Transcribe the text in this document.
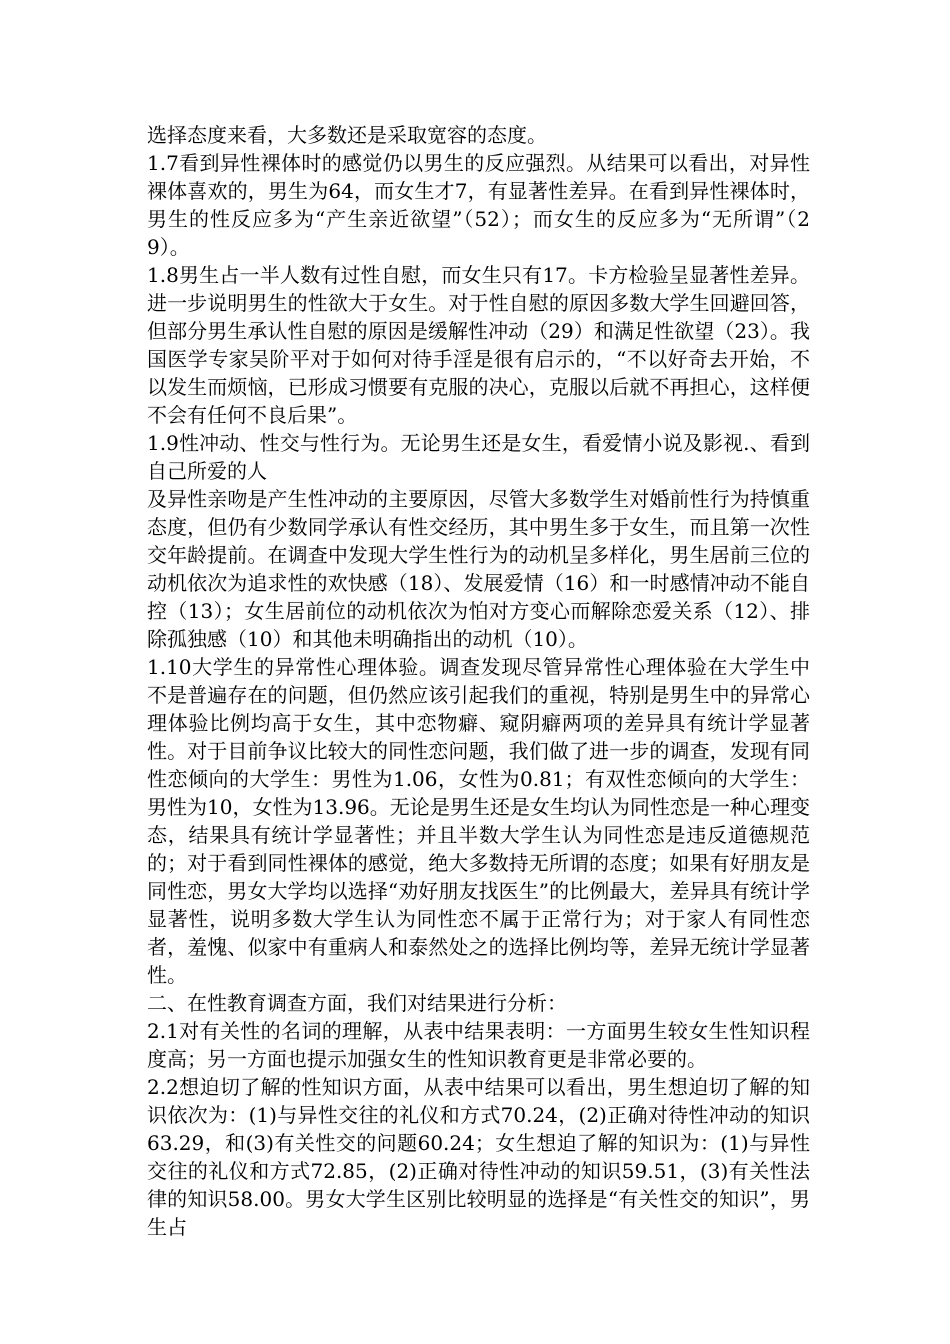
选择态度来看，大多数还是采取宽容的态度。

1.7看到异性裸体时的感觉仍以男生的反应强烈。从结果可以看出，对异性裸体喜欢的，男生为64，而女生才7，有显著性差异。在看到异性裸体时，男生的性反应多为“产生亲近欲望”（52）；而女生的反应多为“无所谓”（29）。

1.8男生占一半人数有过性自慰，而女生只有17。卡方检验呈显著性差异。进一步说明男生的性欲大于女生。对于性自慰的原因多数大学生回避回答，但部分男生承认性自慰的原因是缓解性冲动（29）和满足性欲望（23）。我国医学专家吴阶平对于如何对待手淫是很有启示的，“不以好奇去开始，不以发生而烦恼，已形成习惯要有克服的决心，克服以后就不再担心，这样便不会有任何不良后果”。

1.9性冲动、性交与性行为。无论男生还是女生，看爱情小说及影视.、看到自己所爱的人

及异性亲吻是产生性冲动的主要原因，尽管大多数学生对婚前性行为持慎重态度，但仍有少数同学承认有性交经历，其中男生多于女生，而且第一次性交年龄提前。在调查中发现大学生性行为的动机呈多样化，男生居前三位的动机依次为追求性的欢快感（18）、发展爱情（16）和一时感情冲动不能自控（13）；女生居前位的动机依次为怕对方变心而解除恋爱关系（12）、排除孤独感（10）和其他未明确指出的动机（10）。

1.10大学生的异常性心理体验。调查发现尽管异常性心理体验在大学生中不是普遍存在的问题，但仍然应该引起我们的重视，特别是男生中的异常心理体验比例均高于女生，其中恋物癖、窥阴癖两项的差异具有统计学显著性。对于目前争议比较大的同性恋问题，我们做了进一步的调查，发现有同性恋倾向的大学生：男性为1.06，女性为0.81；有双性恋倾向的大学生：男性为10，女性为13.96。无论是男生还是女生均认为同性恋是一种心理变态，结果具有统计学显著性；并且半数大学生认为同性恋是违反道德规范的；对于看到同性裸体的感觉，绝大多数持无所谓的态度；如果有好朋友是同性恋，男女大学均以选择“劝好朋友找医生”的比例最大，差异具有统计学显著性，说明多数大学生认为同性恋不属于正常行为；对于家人有同性恋者，羞愧、似家中有重病人和泰然处之的选择比例均等，差异无统计学显著性。

二、在性教育调查方面，我们对结果进行分析：

2.1对有关性的名词的理解，从表中结果表明：一方面男生较女生性知识程度高；另一方面也提示加强女生的性知识教育更是非常必要的。

2.2想迫切了解的性知识方面，从表中结果可以看出，男生想迫切了解的知识依次为：(1)与异性交往的礼仪和方式70.24，(2)正确对待性冲动的知识63.29，和(3)有关性交的问题60.24；女生想迫了解的知识为：(1)与异性交往的礼仪和方式72.85，(2)正确对待性冲动的知识59.51，(3)有关性法律的知识58.00。男女大学生区别比较明显的选择是“有关性交的知识”，男生占
